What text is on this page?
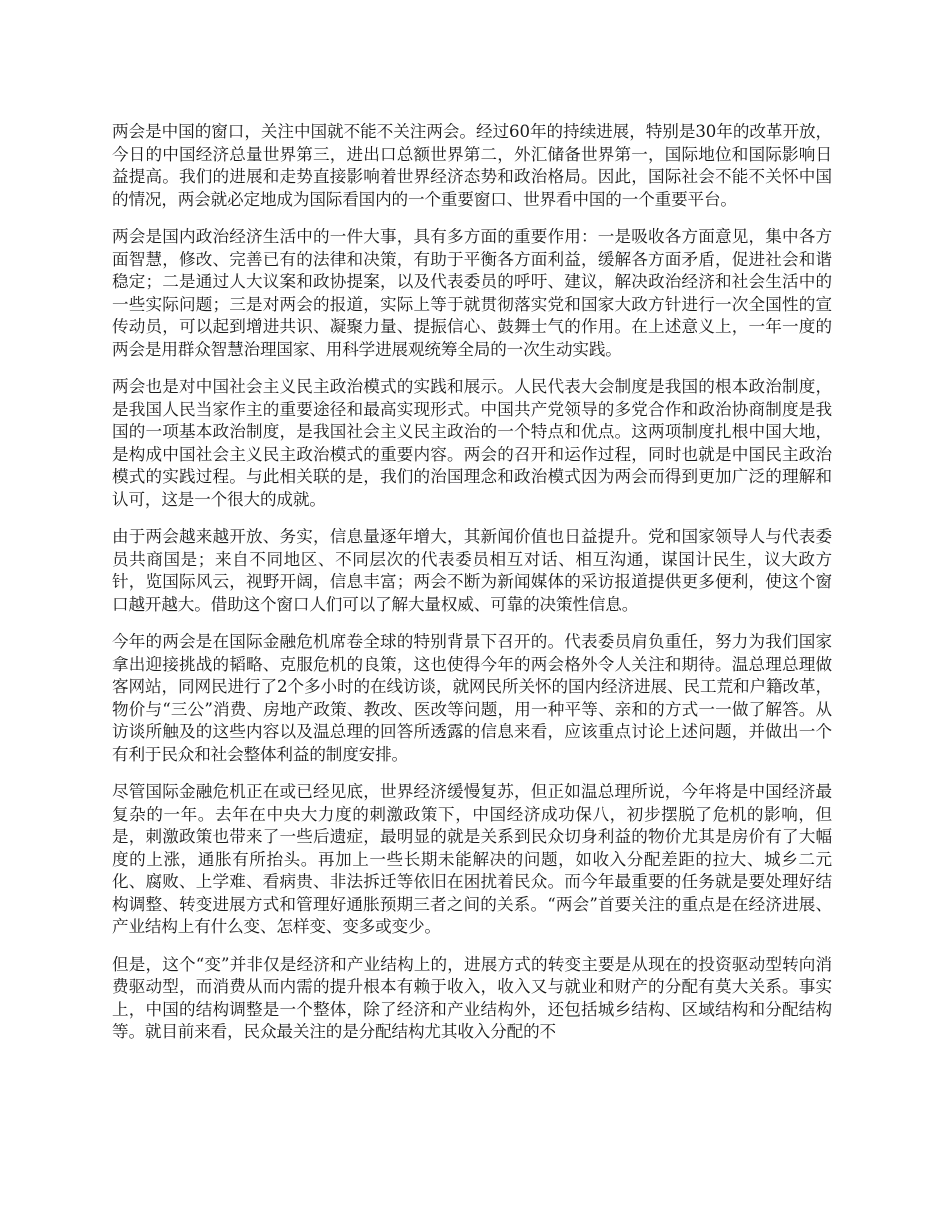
两会是中国的窗口，关注中国就不能不关注两会。经过60年的持续进展，特别是30年的改革开放，今日的中国经济总量世界第三，进出口总额世界第二，外汇储备世界第一，国际地位和国际影响日益提高。我们的进展和走势直接影响着世界经济态势和政治格局。因此，国际社会不能不关怀中国的情况，两会就必定地成为国际看国内的一个重要窗口、世界看中国的一个重要平台。

两会是国内政治经济生活中的一件大事，具有多方面的重要作用：一是吸收各方面意见，集中各方面智慧，修改、完善已有的法律和决策，有助于平衡各方面利益，缓解各方面矛盾，促进社会和谐稳定；二是通过人大议案和政协提案，以及代表委员的呼吁、建议，解决政治经济和社会生活中的一些实际问题；三是对两会的报道，实际上等于就贯彻落实党和国家大政方针进行一次全国性的宣传动员，可以起到增进共识、凝聚力量、提振信心、鼓舞士气的作用。在上述意义上，一年一度的两会是用群众智慧治理国家、用科学进展观统筹全局的一次生动实践。

两会也是对中国社会主义民主政治模式的实践和展示。人民代表大会制度是我国的根本政治制度，是我国人民当家作主的重要途径和最高实现形式。中国共产党领导的多党合作和政治协商制度是我国的一项基本政治制度，是我国社会主义民主政治的一个特点和优点。这两项制度扎根中国大地，是构成中国社会主义民主政治模式的重要内容。两会的召开和运作过程，同时也就是中国民主政治模式的实践过程。与此相关联的是，我们的治国理念和政治模式因为两会而得到更加广泛的理解和认可，这是一个很大的成就。

由于两会越来越开放、务实，信息量逐年增大，其新闻价值也日益提升。党和国家领导人与代表委员共商国是；来自不同地区、不同层次的代表委员相互对话、相互沟通，谋国计民生，议大政方针，览国际风云，视野开阔，信息丰富；两会不断为新闻媒体的采访报道提供更多便利，使这个窗口越开越大。借助这个窗口人们可以了解大量权威、可靠的决策性信息。

今年的两会是在国际金融危机席卷全球的特别背景下召开的。代表委员肩负重任，努力为我们国家拿出迎接挑战的韬略、克服危机的良策，这也使得今年的两会格外令人关注和期待。温总理总理做客网站，同网民进行了2个多小时的在线访谈，就网民所关怀的国内经济进展、民工荒和户籍改革，物价与“三公”消费、房地产政策、教改、医改等问题，用一种平等、亲和的方式一一做了解答。从访谈所触及的这些内容以及温总理的回答所透露的信息来看，应该重点讨论上述问题，并做出一个有利于民众和社会整体利益的制度安排。

尽管国际金融危机正在或已经见底，世界经济缓慢复苏，但正如温总理所说，今年将是中国经济最复杂的一年。去年在中央大力度的刺激政策下，中国经济成功保八，初步摆脱了危机的影响，但是，刺激政策也带来了一些后遗症，最明显的就是关系到民众切身利益的物价尤其是房价有了大幅度的上涨，通胀有所抬头。再加上一些长期未能解决的问题，如收入分配差距的拉大、城乡二元化、腐败、上学难、看病贵、非法拆迁等依旧在困扰着民众。而今年最重要的任务就是要处理好结构调整、转变进展方式和管理好通胀预期三者之间的关系。“两会”首要关注的重点是在经济进展、产业结构上有什么变、怎样变、变多或变少。

但是，这个“变”并非仅是经济和产业结构上的，进展方式的转变主要是从现在的投资驱动型转向消费驱动型，而消费从而内需的提升根本有赖于收入，收入又与就业和财产的分配有莫大关系。事实上，中国的结构调整是一个整体，除了经济和产业结构外，还包括城乡结构、区域结构和分配结构等。就目前来看，民众最关注的是分配结构尤其收入分配的不
